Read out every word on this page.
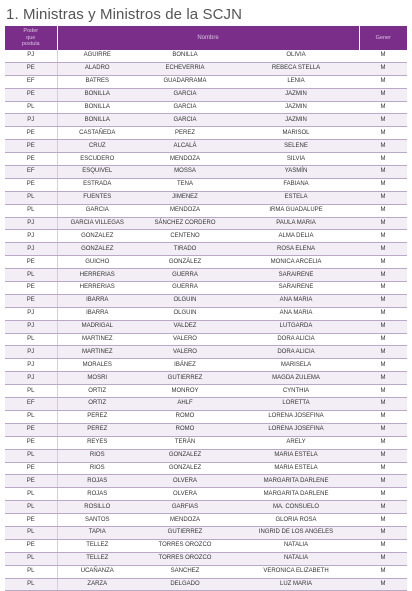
1. Ministras y Ministros de la SCJN
Poder
que
postula	Nombre			Gener
PJ	AGUIRRE	BONILLA	OLIVIA	M
PE	ALADRO	ECHEVERRIA	REBECA STELLA	M
EF	BATRES	GUADARRAMA	LENIA	M
PE	BONILLA	GARCIA	JAZMIN	M
PL	BONILLA	GARCIA	JAZMIN	M
PJ	BONILLA	GARCIA	JAZMIN	M
PE	CASTAÑEDA	PEREZ	MARISOL	M
PE	CRUZ	ALCALÁ	SELENE	M
PE	ESCUDERO	MENDOZA	SILVIA	M
EF	ESQUIVEL	MOSSA	YASMÍN	M
PE	ESTRADA	TENA	FABIANA	M
PL	FUENTES	JIMENEZ	ESTELA	M
PL	GARCIA	MENDOZA	IRMA GUADALUPE	M
PJ	GARCIA VILLEGAS	SÁNCHEZ CORDERO	PAULA MARIA	M
PJ	GONZALEZ	CENTENO	ALMA DELIA	M
PJ	GONZALEZ	TIRADO	ROSA ELENA	M
PE	GUICHO	GONZÁLEZ	MONICA ARCELIA	M
PL	HERRERIAS	GUERRA	SARAIRENE	M
PE	HERRERIAS	GUERRA	SARAIRENE	M
PE	IBARRA	OLGUIN	ANA MARIA	M
PJ	IBARRA	OLGUIN	ANA MARIA	M
PJ	MADRIGAL	VALDEZ	LUTGARDA	M
PL	MARTINEZ	VALERO	DORA ALICIA	M
PJ	MARTINEZ	VALERO	DORA ALICIA	M
PJ	MORALES	IBÁNEZ	MARISELA	M
PJ	MOSRI	GUTIERREZ	MAGDA ZULEMA	M
PL	ORTIZ	MONROY	CYNTHIA	M
EF	ORTIZ	AHLF	LORETTA	M
PL	PEREZ	ROMO	LORENA JOSEFINA	M
PE	PEREZ	ROMO	LORENA JOSEFINA	M
PE	REYES	TERÁN	ARELY	M
PL	RIOS	GONZALEZ	MARIA ESTELA	M
PE	RIOS	GONZALEZ	MARIA ESTELA	M
PE	ROJAS	OLVERA	MARGARITA DARLENE	M
PL	ROJAS	OLVERA	MARGARITA DARLENE	M
PL	ROSILLO	GARFIAS	MA. CONSUELO	M
PE	SANTOS	MENDOZA	GLORIA ROSA	M
PL	TAPIA	GUTIERREZ	INGRID DE LOS ANGELES	M
PE	TELLEZ	TORRES OROZCO	NATALIA	M
PL	TELLEZ	TORRES OROZCO	NATALIA	M
PL	UCAÑANZA	SANCHEZ	VERONICA ELIZABETH	M
PL	ZARZA	DELGADO	LUZ MARIA	M
